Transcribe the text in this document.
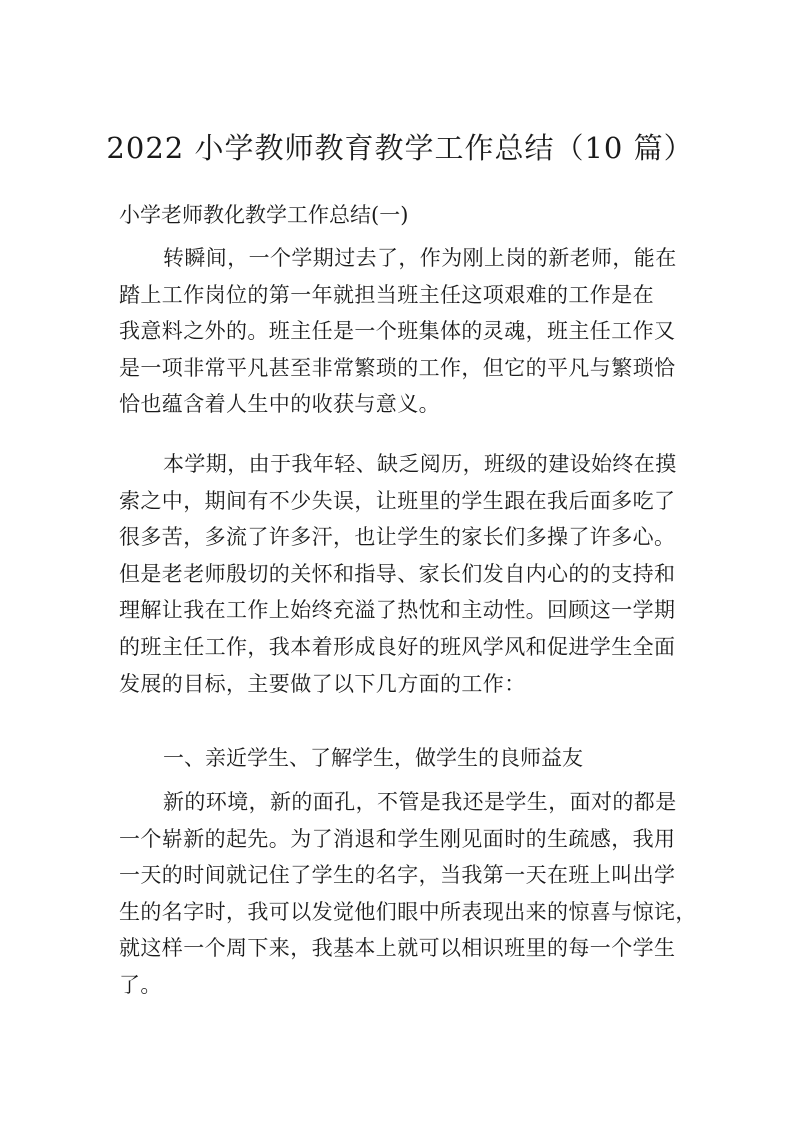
2022 小学教师教育教学工作总结（10 篇）
小学老师教化教学工作总结(一)
转瞬间，一个学期过去了，作为刚上岗的新老师，能在
踏上工作岗位的第一年就担当班主任这项艰难的工作是在
我意料之外的。班主任是一个班集体的灵魂，班主任工作又
是一项非常平凡甚至非常繁琐的工作，但它的平凡与繁琐恰
恰也蕴含着人生中的收获与意义。
本学期，由于我年轻、缺乏阅历，班级的建设始终在摸
索之中，期间有不少失误，让班里的学生跟在我后面多吃了
很多苦，多流了许多汗，也让学生的家长们多操了许多心。
但是老老师殷切的关怀和指导、家长们发自内心的的支持和
理解让我在工作上始终充溢了热忱和主动性。回顾这一学期
的班主任工作，我本着形成良好的班风学风和促进学生全面
发展的目标，主要做了以下几方面的工作：
一、亲近学生、了解学生，做学生的良师益友
新的环境，新的面孔，不管是我还是学生，面对的都是
一个崭新的起先。为了消退和学生刚见面时的生疏感，我用
一天的时间就记住了学生的名字，当我第一天在班上叫出学
生的名字时，我可以发觉他们眼中所表现出来的惊喜与惊诧，
就这样一个周下来，我基本上就可以相识班里的每一个学生
了。
